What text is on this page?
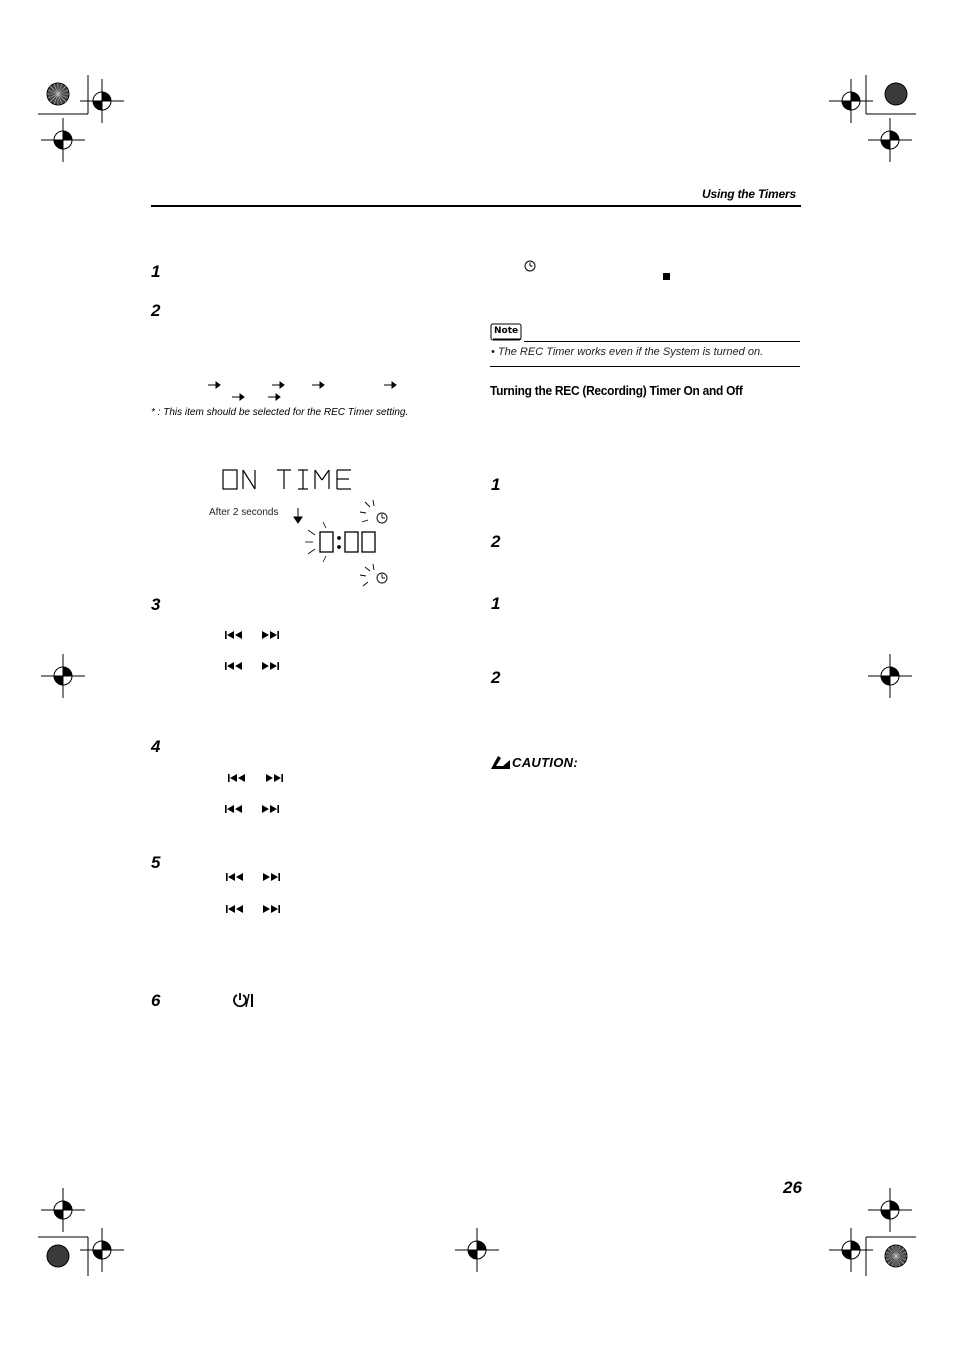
Using the Timers
1
2
* : This item should be selected for the REC Timer setting.
After 2 seconds
3
4
5
6
Note
• The REC Timer works even if the System is turned on.
Turning the REC (Recording) Timer On and Off
1
2
1
2
CAUTION:
26
